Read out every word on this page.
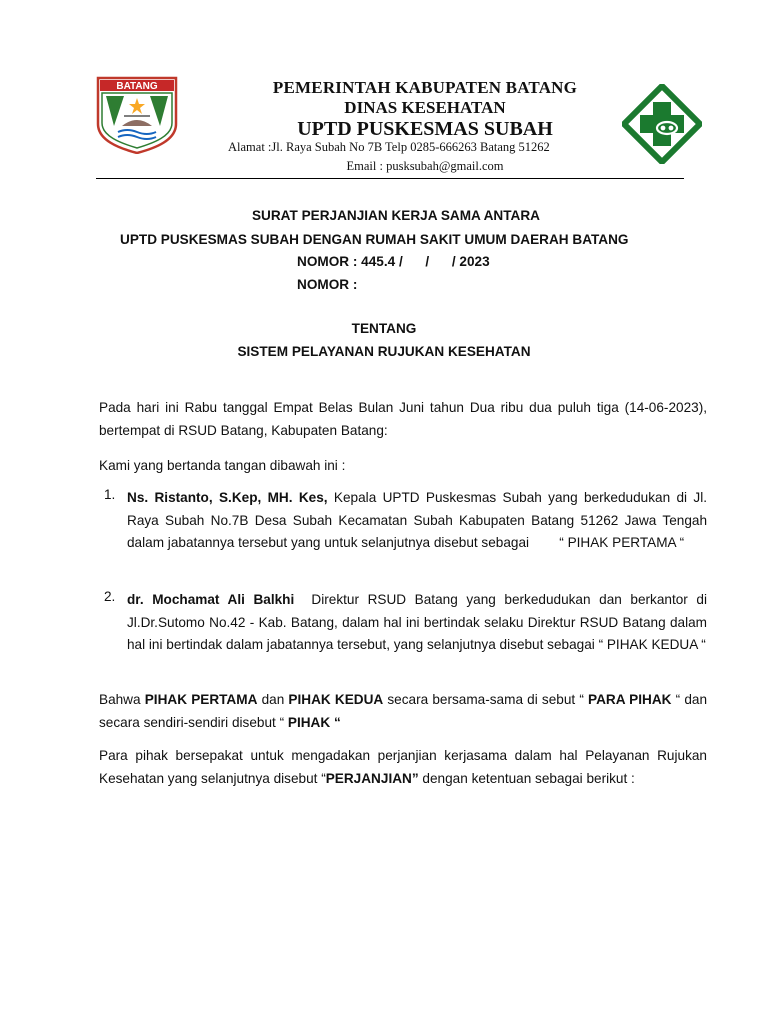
BATANG	PEMERINTAH KABUPATEN BATANG
DINAS KESEHATAN
UPTD PUSKESMAS SUBAH
Alamat :Jl. Raya Subah No 7B Telp 0285-666263 Batang 51262
Email : pusksubah@gmail.com
SURAT PERJANJIAN KERJA SAMA ANTARA
UPTD PUSKESMAS SUBAH DENGAN RUMAH SAKIT UMUM DAERAH BATANG
NOMOR : 445.4 /      /      / 2023
NOMOR :
TENTANG
SISTEM PELAYANAN RUJUKAN KESEHATAN
Pada hari ini Rabu tanggal Empat Belas Bulan Juni tahun Dua ribu dua puluh tiga (14-06-2023), bertempat di RSUD Batang, Kabupaten Batang:
Kami yang bertanda tangan dibawah ini :
1. Ns. Ristanto, S.Kep, MH. Kes, Kepala UPTD Puskesmas Subah yang berkedudukan di Jl. Raya Subah No.7B Desa Subah Kecamatan Subah Kabupaten Batang 51262 Jawa Tengah dalam jabatannya tersebut yang untuk selanjutnya disebut sebagai        “ PIHAK PERTAMA “
2. dr. Mochamat Ali Balkhi  Direktur RSUD Batang yang berkedudukan dan berkantor di Jl.Dr.Sutomo No.42 - Kab. Batang, dalam hal ini bertindak selaku Direktur RSUD Batang dalam hal ini bertindak dalam jabatannya tersebut, yang selanjutnya disebut sebagai “ PIHAK KEDUA “
Bahwa PIHAK PERTAMA dan PIHAK KEDUA secara bersama-sama di sebut “ PARA PIHAK “ dan secara sendiri-sendiri disebut “ PIHAK “
Para pihak bersepakat untuk mengadakan perjanjian kerjasama dalam hal Pelayanan Rujukan Kesehatan yang selanjutnya disebut “PERJANJIAN” dengan ketentuan sebagai berikut :
